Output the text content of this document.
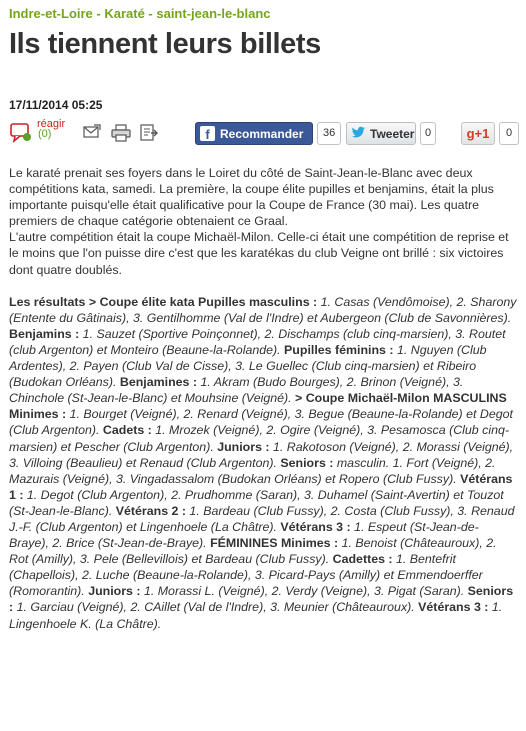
Indre-et-Loire - Karaté - saint-jean-le-blanc
Ils tiennent leurs billets
17/11/2014 05:25
réagir
(0)	f Recommander	36	Tweeter 0	g+1	0

Le karaté prenait ses foyers dans le Loiret du côté de Saint-Jean-le-Blanc avec deux compétitions kata, samedi. La première, la coupe élite pupilles et benjamins, était la plus importante puisqu'elle était qualificative pour la Coupe de France (30 mai). Les quatre premiers de chaque catégorie obtenaient ce Graal.

L'autre compétition était la coupe Michaël-Milon. Celle-ci était une compétition de reprise et le moins que l'on puisse dire c'est que les karatékas du club Veigne ont brillé : six victoires dont quatre doublés.

Les résultats > Coupe élite kata Pupilles masculins : 1. Casas (Vendômoise), 2. Sharony (Entente du Gâtinais), 3. Gentilhomme (Val de l'Indre) et Aubergeon (Club de Savonnières). Benjamins : 1. Sauzet (Sportive Poinçonnet), 2. Dischamps (club cinq-marsien), 3. Routet (club Argenton) et Monteiro (Beaune-la-Rolande). Pupilles féminins : 1. Nguyen (Club Ardentes), 2. Payen (Club Val de Cisse), 3. Le Guellec (Club cinq-marsien) et Ribeiro (Budokan Orléans). Benjamines : 1. Akram (Budo Bourges), 2. Brinon (Veigné), 3. Chinchole (St-Jean-le-Blanc) et Mouhsine (Veigné). > Coupe Michaël-Milon MASCULINS Minimes : 1. Bourget (Veigné), 2. Renard (Veigné), 3. Begue (Beaune-la-Rolande) et Degot (Club Argenton). Cadets : 1. Mrozek (Veigné), 2. Ogire (Veigné), 3. Pesamosca (Club cinq-marsien) et Pescher (Club Argenton). Juniors : 1. Rakotoson (Veigné), 2. Morassi (Veigné), 3. Villoing (Beaulieu) et Renaud (Club Argenton). Seniors : masculin. 1. Fort (Veigné), 2. Mazurais (Veigné), 3. Vingadassalom (Budokan Orléans) et Ropero (Club Fussy). Vétérans 1 : 1. Degot (Club Argenton), 2. Prudhomme (Saran), 3. Duhamel (Saint-Avertin) et Touzot (St-Jean-le-Blanc). Vétérans 2 : 1. Bardeau (Club Fussy), 2. Costa (Club Fussy), 3. Renaud J.-F. (Club Argenton) et Lingenhoele (La Châtre). Vétérans 3 : 1. Espeut (St-Jean-de-Braye), 2. Brice (St-Jean-de-Braye). FÉMININES Minimes : 1. Benoist (Châteauroux), 2. Rot (Amilly), 3. Pele (Bellevillois) et Bardeau (Club Fussy). Cadettes : 1. Bentefrit (Chapellois), 2. Luche (Beaune-la-Rolande), 3. Picard-Pays (Amilly) et Emmendoerffer (Romorantin). Juniors : 1. Morassi L. (Veigné), 2. Verdy (Veigne), 3. Pigat (Saran). Seniors : 1. Garciau (Veigné), 2. CAillet (Val de l'Indre), 3. Meunier (Châteauroux). Vétérans 3 : 1. Lingenhoele K. (La Châtre).
